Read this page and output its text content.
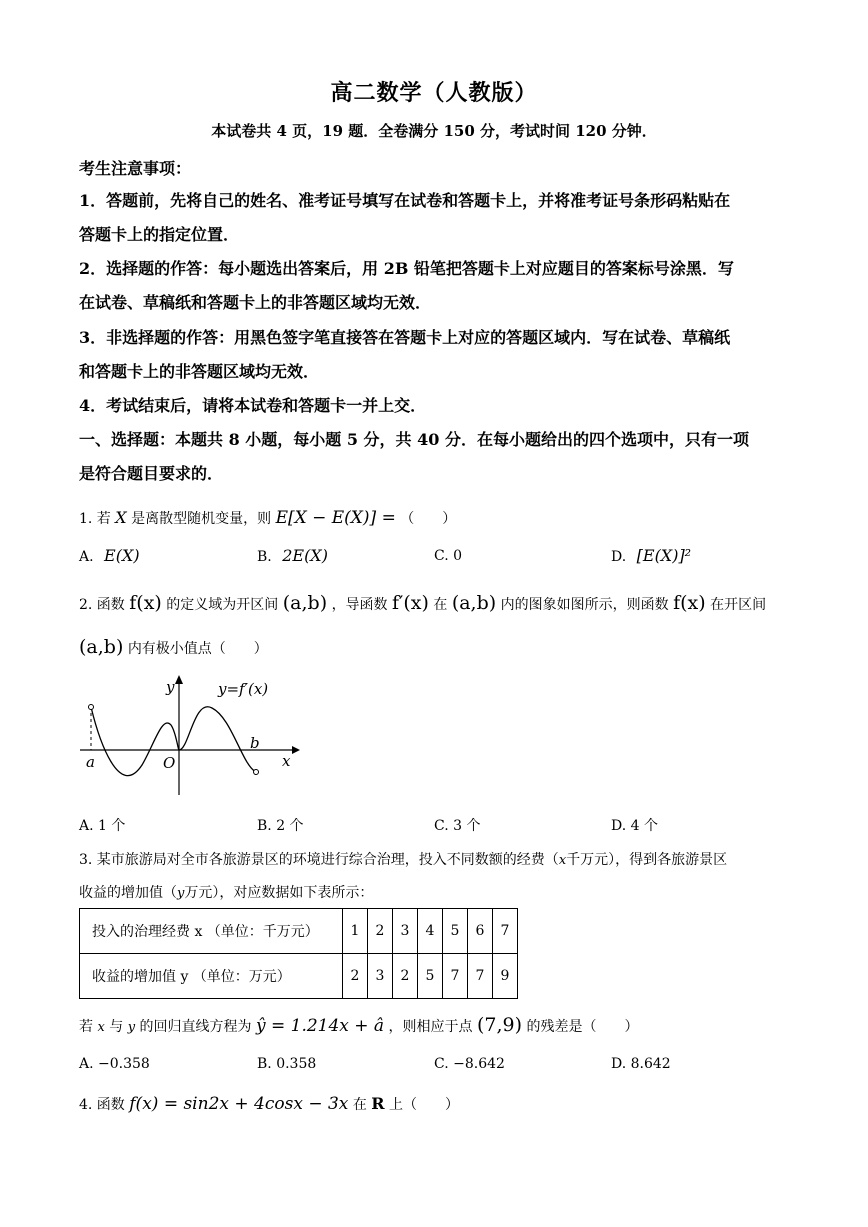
高二数学（人教版）
本试卷共 4 页，19 题．全卷满分 150 分，考试时间 120 分钟．
考生注意事项：
1．答题前，先将自己的姓名、准考证号填写在试卷和答题卡上，并将准考证号条形码粘贴在
答题卡上的指定位置．
2．选择题的作答：每小题选出答案后，用 2B 铅笔把答题卡上对应题目的答案标号涂黑．写
在试卷、草稿纸和答题卡上的非答题区域均无效．
3．非选择题的作答：用黑色签字笔直接答在答题卡上对应的答题区域内．写在试卷、草稿纸
和答题卡上的非答题区域均无效．
4．考试结束后，请将本试卷和答题卡一并上交．
一、选择题：本题共 8 小题，每小题 5 分，共 40 分．在每小题给出的四个选项中，只有一项
是符合题目要求的．
1. 若 X 是离散型随机变量，则 E[X − E(X)] = （　　）
A. E(X)	B. 2E(X)	C. 0	D. [E(X)]²
2. 函数 f(x) 的定义域为开区间 (a,b) ，导函数 f′(x) 在 (a,b) 内的图象如图所示，则函数 f(x) 在开区间
(a,b) 内有极小值点（　　）
y	y=f′(x)
x
a
b
O
A. 1 个	B. 2 个	C. 3 个	D. 4 个
3. 某市旅游局对全市各旅游景区的环境进行综合治理，投入不同数额的经费（x千万元），得到各旅游景区
收益的增加值（y万元），对应数据如下表所示：
投入的治理经费 x （单位：千万元）	1	2	3	4	5	6	7
收益的增加值 y （单位：万元）	2	3	2	5	7	7	9
若 x 与 y 的回归直线方程为 ŷ = 1.214x + â ，则相应于点 (7,9) 的残差是（　　）
A. −0.358	B. 0.358	C. −8.642	D. 8.642
4. 函数 f(x) = sin2x + 4cosx − 3x 在 R 上（　　）
